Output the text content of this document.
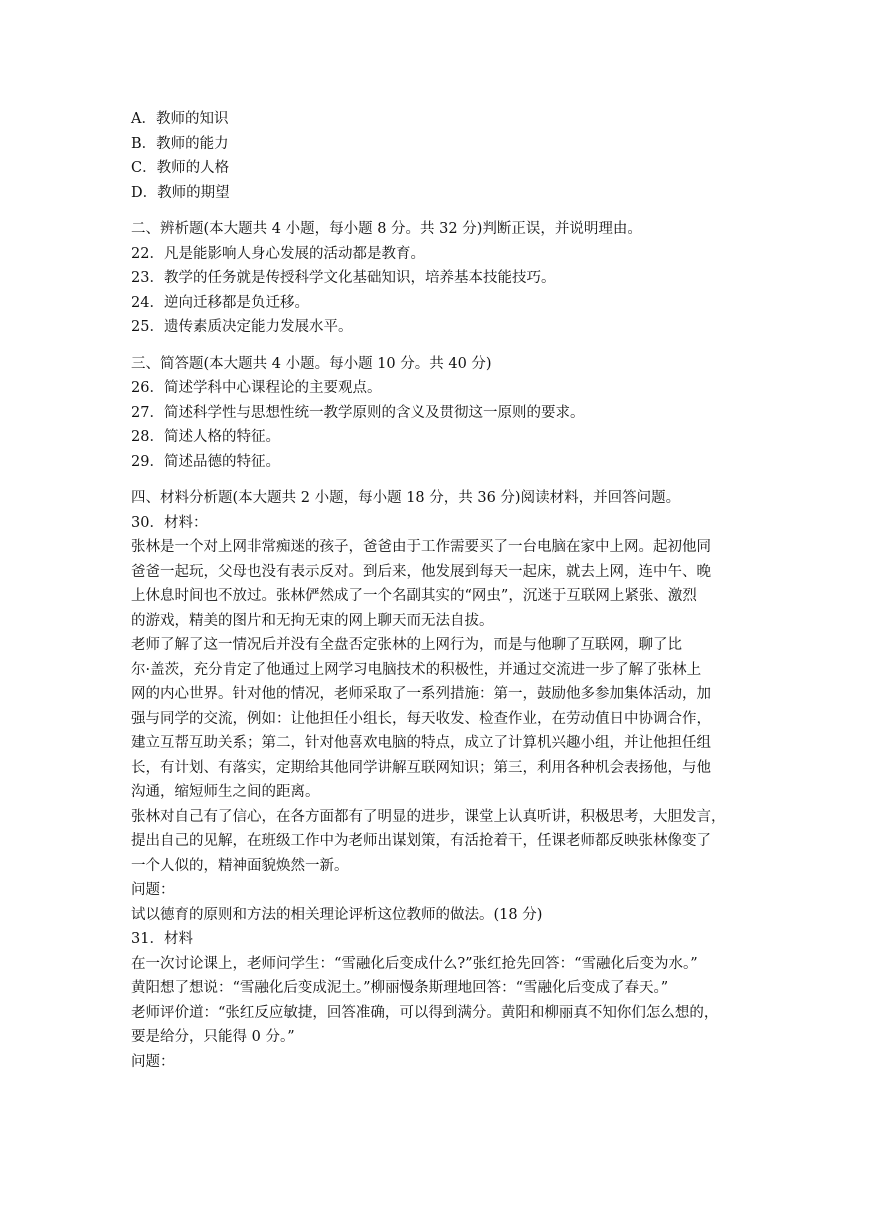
A．教师的知识
B．教师的能力
C．教师的人格
D．教师的期望
二、辨析题(本大题共 4 小题，每小题 8 分。共 32 分)判断正误，并说明理由。
22．凡是能影响人身心发展的活动都是教育。
23．教学的任务就是传授科学文化基础知识，培养基本技能技巧。
24．逆向迁移都是负迁移。
25．遗传素质决定能力发展水平。
三、简答题(本大题共 4 小题。每小题 10 分。共 40 分)
26．简述学科中心课程论的主要观点。
27．简述科学性与思想性统一教学原则的含义及贯彻这一原则的要求。
28．简述人格的特征。
29．简述品德的特征。
四、材料分析题(本大题共 2 小题，每小题 18 分，共 36 分)阅读材料，并回答问题。
30．材料：
张林是一个对上网非常痴迷的孩子，爸爸由于工作需要买了一台电脑在家中上网。起初他同
爸爸一起玩，父母也没有表示反对。到后来，他发展到每天一起床，就去上网，连中午、晚
上休息时间也不放过。张林俨然成了一个名副其实的“网虫”，沉迷于互联网上紧张、激烈
的游戏，精美的图片和无拘无束的网上聊天而无法自拔。
老师了解了这一情况后并没有全盘否定张林的上网行为，而是与他聊了互联网，聊了比
尔·盖茨，充分肯定了他通过上网学习电脑技术的积极性，并通过交流进一步了解了张林上
网的内心世界。针对他的情况，老师采取了一系列措施：第一，鼓励他多参加集体活动，加
强与同学的交流，例如：让他担任小组长，每天收发、检查作业，在劳动值日中协调合作，
建立互帮互助关系；第二，针对他喜欢电脑的特点，成立了计算机兴趣小组，并让他担任组
长，有计划、有落实，定期给其他同学讲解互联网知识；第三，利用各种机会表扬他，与他
沟通，缩短师生之间的距离。
张林对自己有了信心，在各方面都有了明显的进步，课堂上认真听讲，积极思考，大胆发言，
提出自己的见解，在班级工作中为老师出谋划策，有活抢着干，任课老师都反映张林像变了
一个人似的，精神面貌焕然一新。
问题：
试以德育的原则和方法的相关理论评析这位教师的做法。(18 分)
31．材料
在一次讨论课上，老师问学生：“雪融化后变成什么?”张红抢先回答：“雪融化后变为水。”
黄阳想了想说：“雪融化后变成泥土。”柳丽慢条斯理地回答：“雪融化后变成了春天。”
老师评价道：“张红反应敏捷，回答准确，可以得到满分。黄阳和柳丽真不知你们怎么想的，
要是给分，只能得 0 分。”
问题：
